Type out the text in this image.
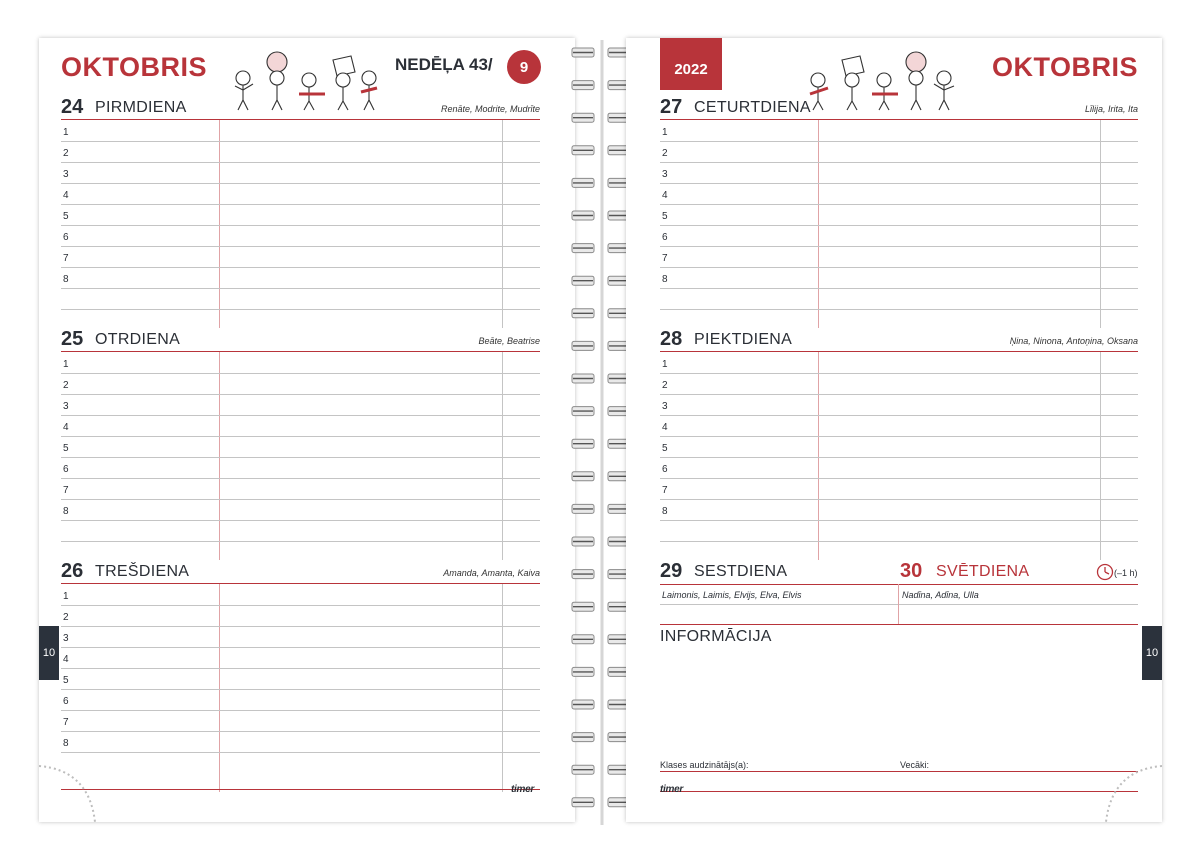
OKTOBRIS	NEDĒĻA 43/	9
24 PIRMDIENA	Renāte, Modrite, Mudrīte
1
2
3
4
5
6
7
8
25 OTRDIENA	Beāte, Beatrise
1
2
3
4
5
6
7
8
26 TREŠDIENA	Amanda, Amanta, Kaiva
1
2
3
4
5
6
7
8
10
timer
2022	OKTOBRIS
27 CETURTDIENA	Līlija, Irita, Ita
1
2
3
4
5
6
7
8
28 PIEKTDIENA	Ņina, Ninona, Antoņina, Oksana
1
2
3
4
5
6
7
8
29 SESTDIENA
Laimonis, Laimis, Elvijs, Elva, Elvis
30 SVĒTDIENA	(–1 h)
Nadīna, Adīna, Ulla
INFORMĀCIJA
Klases audzinātājs(a):	Vecāki:
timer
10
